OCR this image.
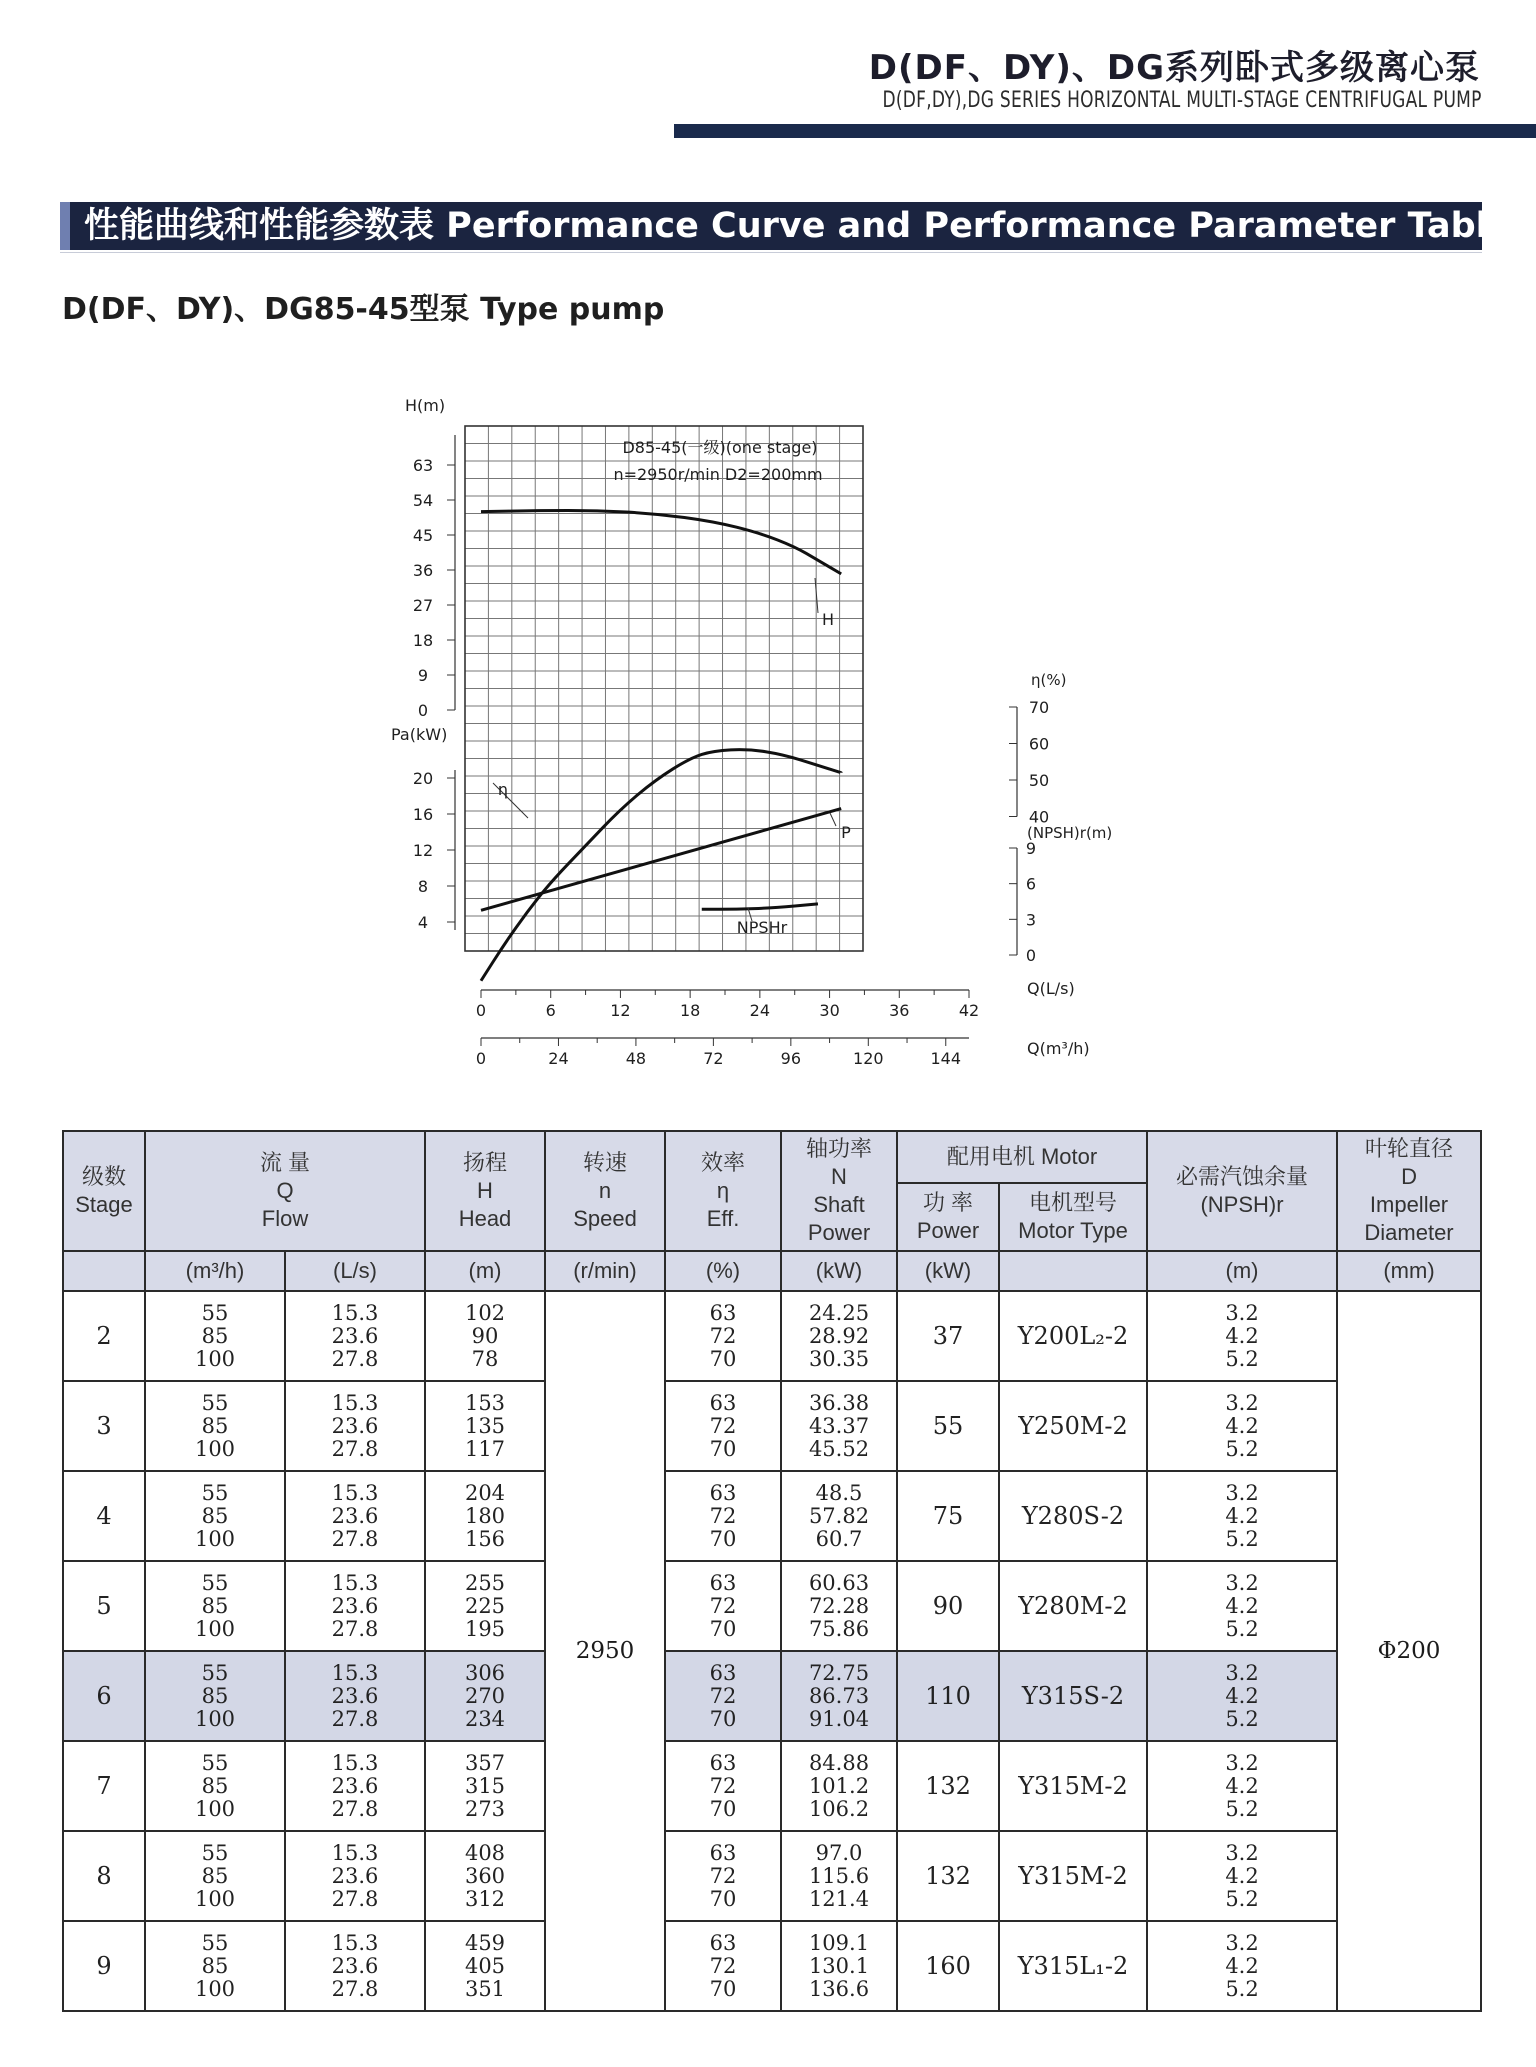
D(DF、DY)、DG系列卧式多级离心泵
D(DF,DY),DG SERIES HORIZONTAL MULTI-STAGE CENTRIFUGAL PUMP
性能曲线和性能参数表 Performance Curve and Performance Parameter Table
D(DF、DY)、DG85-45型泵 Type pump
0
9
18
27
36
45
54
63
H(m)
4
8
12
16
20
Pa(kW)
40
50
60
70
η(%)
0
3
6
9
(NPSH)r(m)
0	6	12	18	24	30	36	42
Q(L/s)
0	24	48	72	96	120	144
Q(m³/h)
D85-45(一级)(one stage)
n=2950r/min D2=200mm
H
η
P
NPSHr
级数
Stage	流 量
Q
Flow		扬程
H
Head	转速
n
Speed	效率
η
Eff.	轴功率
N
Shaft
Power	配用电机 Motor		必需汽蚀余量
(NPSH)r	叶轮直径
D
Impeller
Diameter

							功 率
Power	电机型号
Motor Type		

	(m³/h)	(L/s)	(m)	(r/min)	(%)	(kW)	(kW)		(m)	(mm)
2	55
85
100	15.3
23.6
27.8	102
90
78	2950	63
72
70	24.25
28.92
30.35	37	Y200L₂-2	3.2
4.2
5.2	Φ200
3	55
85
100	15.3
23.6
27.8	153
135
117		63
72
70	36.38
43.37
45.52	55	Y250M-2	3.2
4.2
5.2	

4	55
85
100	15.3
23.6
27.8	204
180
156		63
72
70	48.5
57.82
60.7	75	Y280S-2	3.2
4.2
5.2	

5	55
85
100	15.3
23.6
27.8	255
225
195		63
72
70	60.63
72.28
75.86	90	Y280M-2	3.2
4.2
5.2	

6	55
85
100	15.3
23.6
27.8	306
270
234		63
72
70	72.75
86.73
91.04	110	Y315S-2	3.2
4.2
5.2	

7	55
85
100	15.3
23.6
27.8	357
315
273		63
72
70	84.88
101.2
106.2	132	Y315M-2	3.2
4.2
5.2	

8	55
85
100	15.3
23.6
27.8	408
360
312		63
72
70	97.0
115.6
121.4	132	Y315M-2	3.2
4.2
5.2	

9	55
85
100	15.3
23.6
27.8	459
405
351		63
72
70	109.1
130.1
136.6	160	Y315L₁-2	3.2
4.2
5.2	
